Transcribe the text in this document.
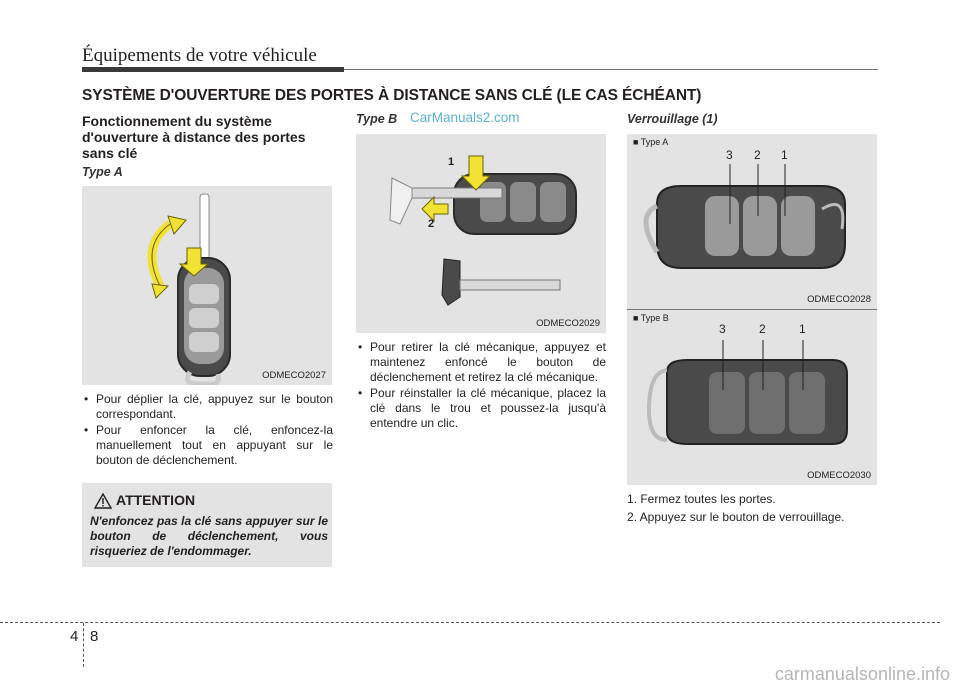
Équipements de votre véhicule
SYSTÈME D'OUVERTURE DES PORTES À DISTANCE SANS CLÉ (LE CAS ÉCHÉANT)
Fonctionnement du système
d'ouverture à distance des portes
sans clé
Type A
ODMECO2027
• Pour déplier la clé, appuyez sur le bouton correspondant.
• Pour enfoncer la clé, enfoncez-la manuellement tout en appuyant sur le bouton de déclenchement.
ATTENTION
N'enfoncez pas la clé sans appuyer sur le bouton de déclenchement, vous risqueriez de l'endommager.
Type B CarManuals2.com
1
2
ODMECO2029
• Pour retirer la clé mécanique, appuyez et maintenez enfoncé le bouton de déclenchement et retirez la clé mécanique.
• Pour réinstaller la clé mécanique, placez la clé dans le trou et poussez-la jusqu'à entendre un clic.
Verrouillage (1)
■ Type A
3 2 1
ODMECO2028
■ Type B
3	2	1
ODMECO2030
1. Fermez toutes les portes.
2. Appuyez sur le bouton de verrouillage.
4 8
carmanualsonline.info
